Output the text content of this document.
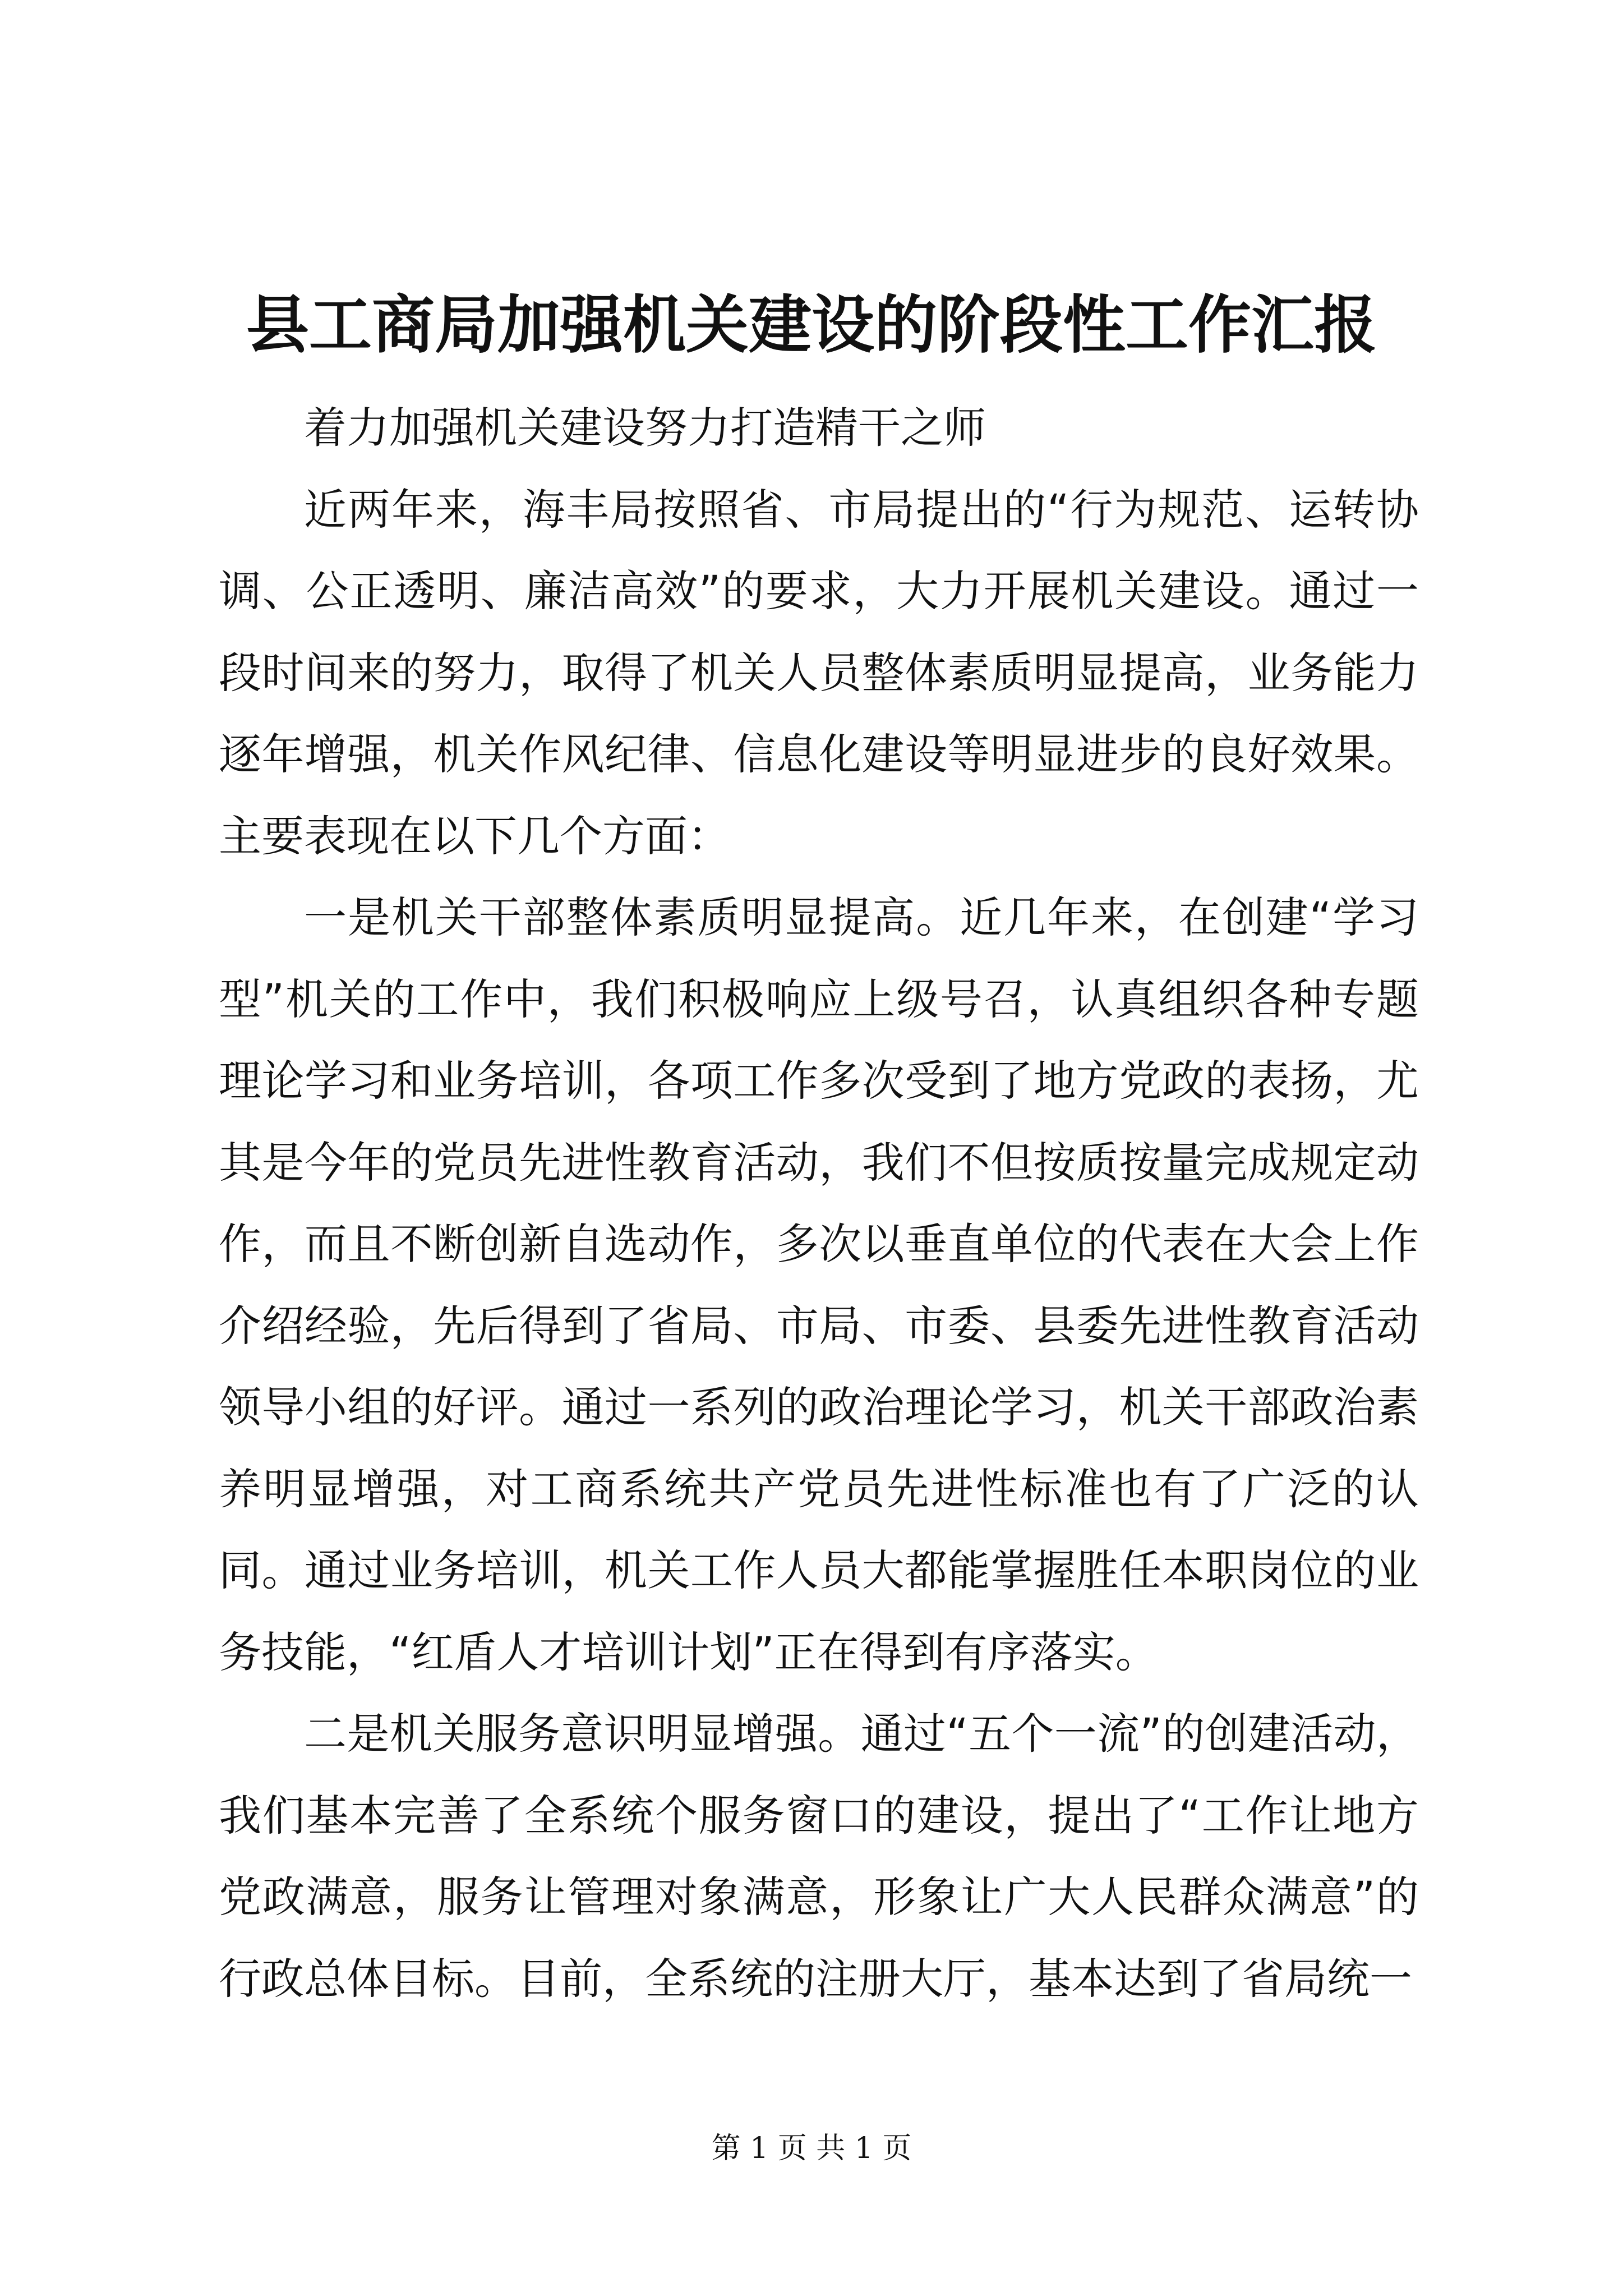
县工商局加强机关建设的阶段性工作汇报

着力加强机关建设努力打造精干之师

近两年来，海丰局按照省、市局提出的“行为规范、运转协调、公正透明、廉洁高效”的要求，大力开展机关建设。通过一段时间来的努力，取得了机关人员整体素质明显提高，业务能力逐年增强，机关作风纪律、信息化建设等明显进步的良好效果。主要表现在以下几个方面：

一是机关干部整体素质明显提高。近几年来，在创建“学习型”机关的工作中，我们积极响应上级号召，认真组织各种专题理论学习和业务培训，各项工作多次受到了地方党政的表扬，尤其是今年的党员先进性教育活动，我们不但按质按量完成规定动作，而且不断创新自选动作，多次以垂直单位的代表在大会上作介绍经验，先后得到了省局、市局、市委、县委先进性教育活动领导小组的好评。通过一系列的政治理论学习，机关干部政治素养明显增强，对工商系统共产党员先进性标准也有了广泛的认同。通过业务培训，机关工作人员大都能掌握胜任本职岗位的业务技能，“红盾人才培训计划”正在得到有序落实。

二是机关服务意识明显增强。通过“五个一流”的创建活动，我们基本完善了全系统个服务窗口的建设，提出了“工作让地方党政满意，服务让管理对象满意，形象让广大人民群众满意”的行政总体目标。目前，全系统的注册大厅，基本达到了省局统一

第 1 页 共 1 页
